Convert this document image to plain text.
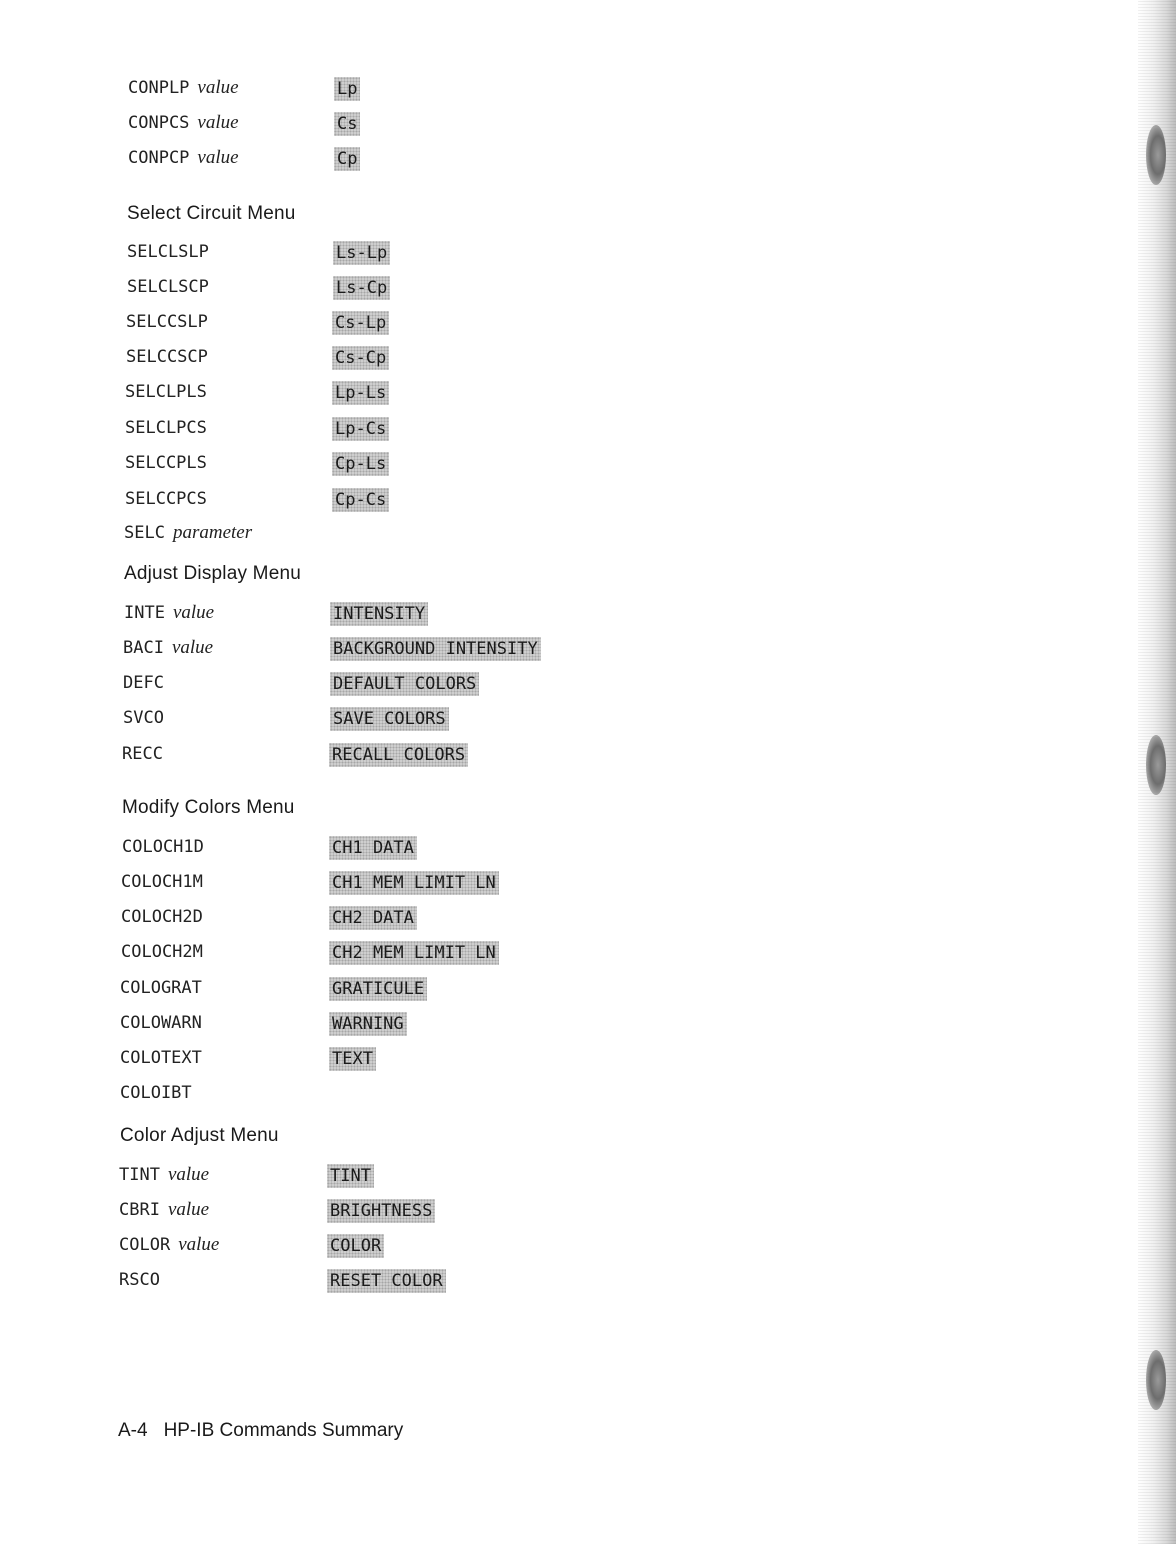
CONPLP value	Lp
CONPCS value	Cs
CONPCP value	Cp
Select Circuit Menu
SELCLSLP	Ls-Lp
SELCLSCP	Ls-Cp
SELCCSLP	Cs-Lp
SELCCSCP	Cs-Cp
SELCLPLS	Lp-Ls
SELCLPCS	Lp-Cs
SELCCPLS	Cp-Ls
SELCCPCS	Cp-Cs
SELC parameter
Adjust Display Menu
INTE value	INTENSITY
BACI value	BACKGROUND INTENSITY
DEFC	DEFAULT COLORS
SVCO	SAVE COLORS
RECC	RECALL COLORS
Modify Colors Menu
COLOCH1D	CH1 DATA
COLOCH1M	CH1 MEM LIMIT LN
COLOCH2D	CH2 DATA
COLOCH2M	CH2 MEM LIMIT LN
COLOGRAT	GRATICULE
COLOWARN	WARNING
COLOTEXT	TEXT
COLOIBT
Color Adjust Menu
TINT value	TINT
CBRI value	BRIGHTNESS
COLOR value	COLOR
RSCO	RESET COLOR
A-4 HP-IB Commands Summary
